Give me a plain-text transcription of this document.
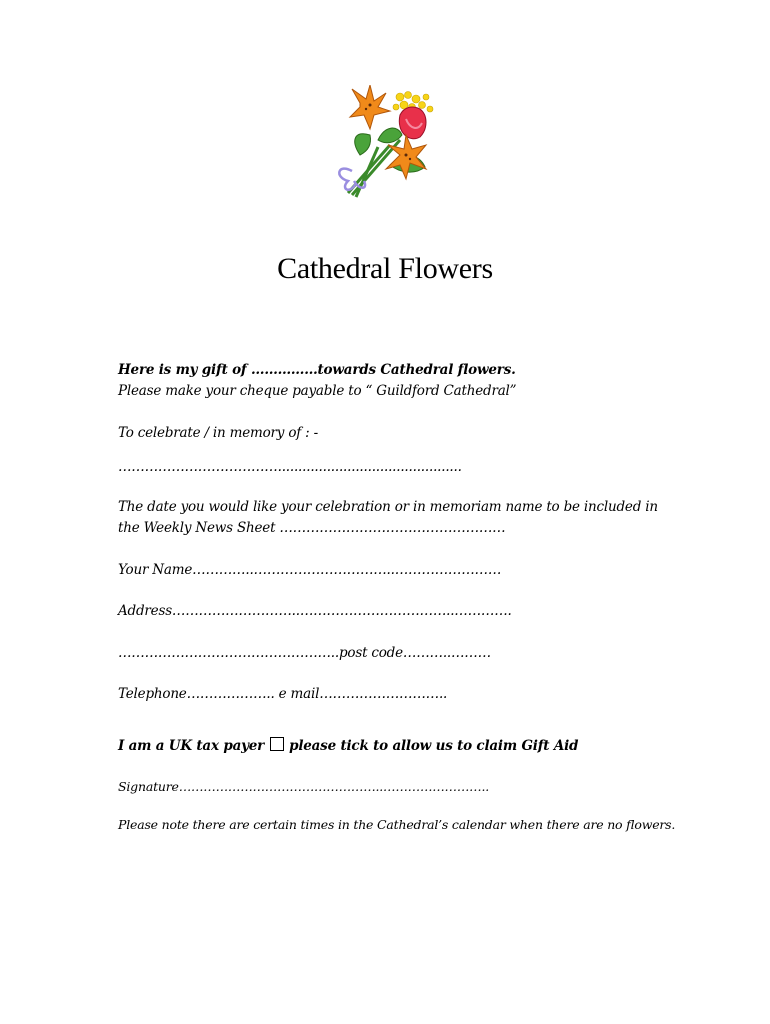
Cathedral Flowers
Here is my gift of ……………towards Cathedral flowers.
Please make your cheque payable to “ Guildford Cathedral”
To celebrate / in memory of : -
……………………………….............................................
The date you would like your celebration or in memoriam name to be included in
the Weekly News Sheet ……………………………………………
Your Name…………..…………………………..……………………
Address………………………..……………………………..………….
…………………………………………..post code………..………
Telephone……………….. e mail………………………..
I am a UK tax payer  please tick to allow us to claim Gift Aid
Signature…………………………………………..……………………..
Please note there are certain times in the Cathedral’s calendar when there are no flowers.
